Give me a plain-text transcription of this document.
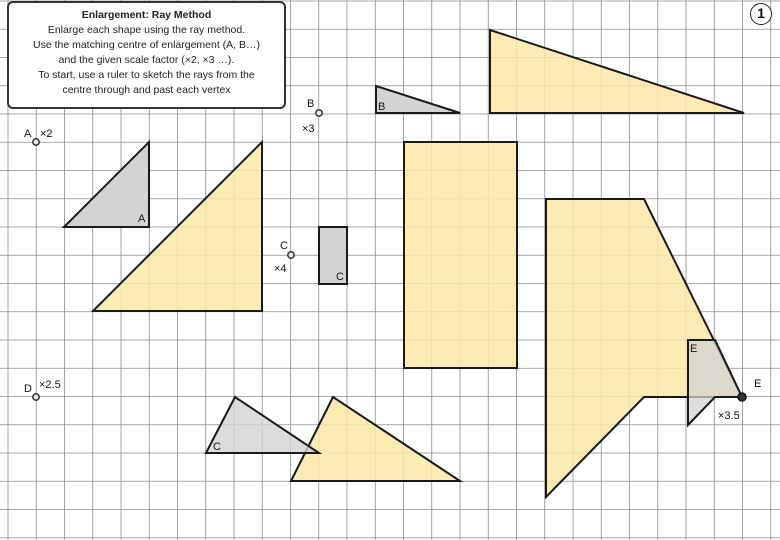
A ×2
B
×3
C
×4
D ×2.5	E
×3.5
A
B
C
C
E
Enlargement: Ray Method
Enlarge each shape using the ray method.
Use the matching centre of enlargement (A, B…)
and the given scale factor (×2, ×3 …).
To start, use a ruler to sketch the rays from the
centre through and past each vertex
1
